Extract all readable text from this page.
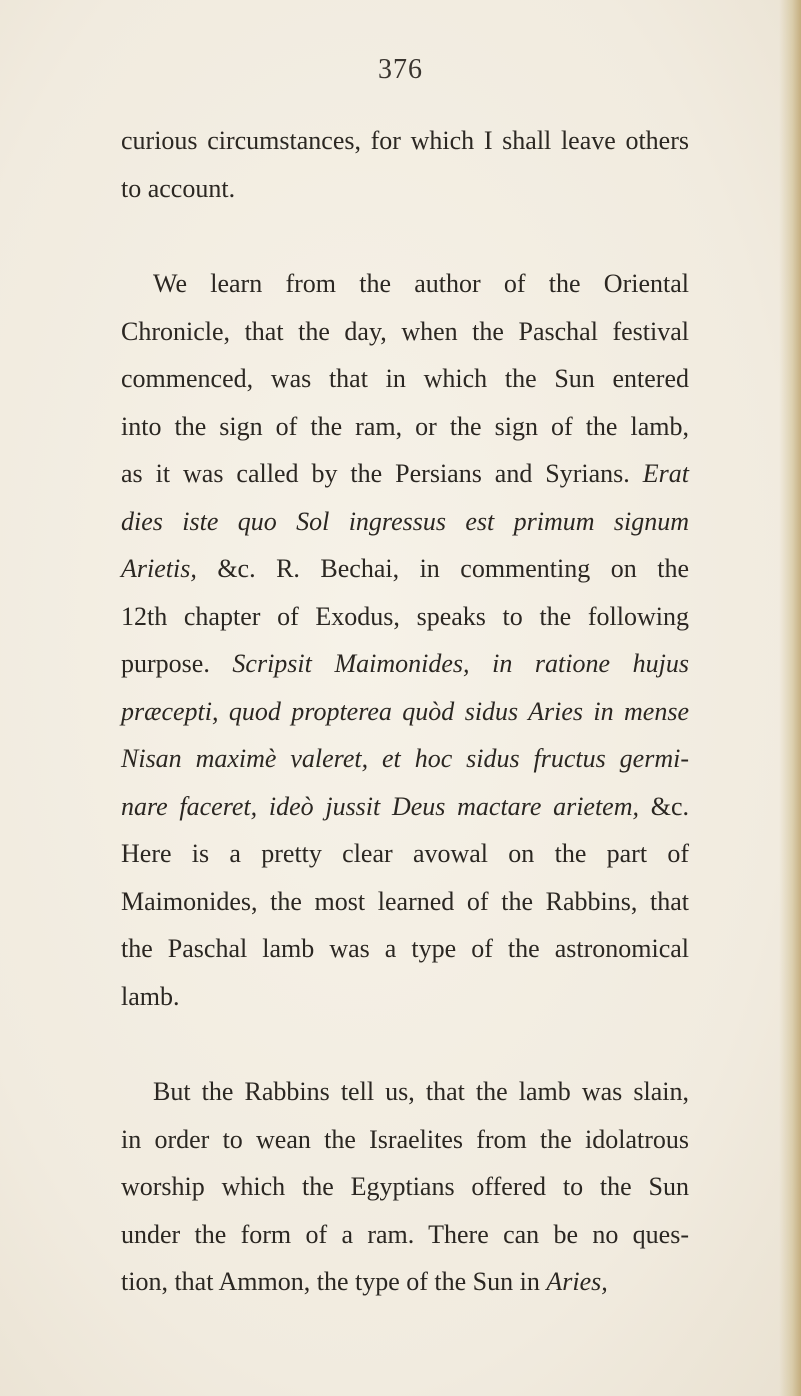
376
curious circumstances, for which I shall leave others
to account.
We learn from the author of the Oriental
Chronicle, that the day, when the Paschal festival
commenced, was that in which the Sun entered
into the sign of the ram, or the sign of the lamb,
as it was called by the Persians and Syrians. Erat
dies iste quo Sol ingressus est primum signum
Arietis, &c. R. Bechai, in commenting on the
12th chapter of Exodus, speaks to the following
purpose. Scripsit Maimonides, in ratione hujus
præcepti, quod propterea quòd sidus Aries in mense
Nisan maximè valeret, et hoc sidus fructus germi-
nare faceret, ideò jussit Deus mactare arietem, &c.
Here is a pretty clear avowal on the part of
Maimonides, the most learned of the Rabbins, that
the Paschal lamb was a type of the astronomical
lamb.
But the Rabbins tell us, that the lamb was slain,
in order to wean the Israelites from the idolatrous
worship which the Egyptians offered to the Sun
under the form of a ram. There can be no ques-
tion, that Ammon, the type of the Sun in Aries,
